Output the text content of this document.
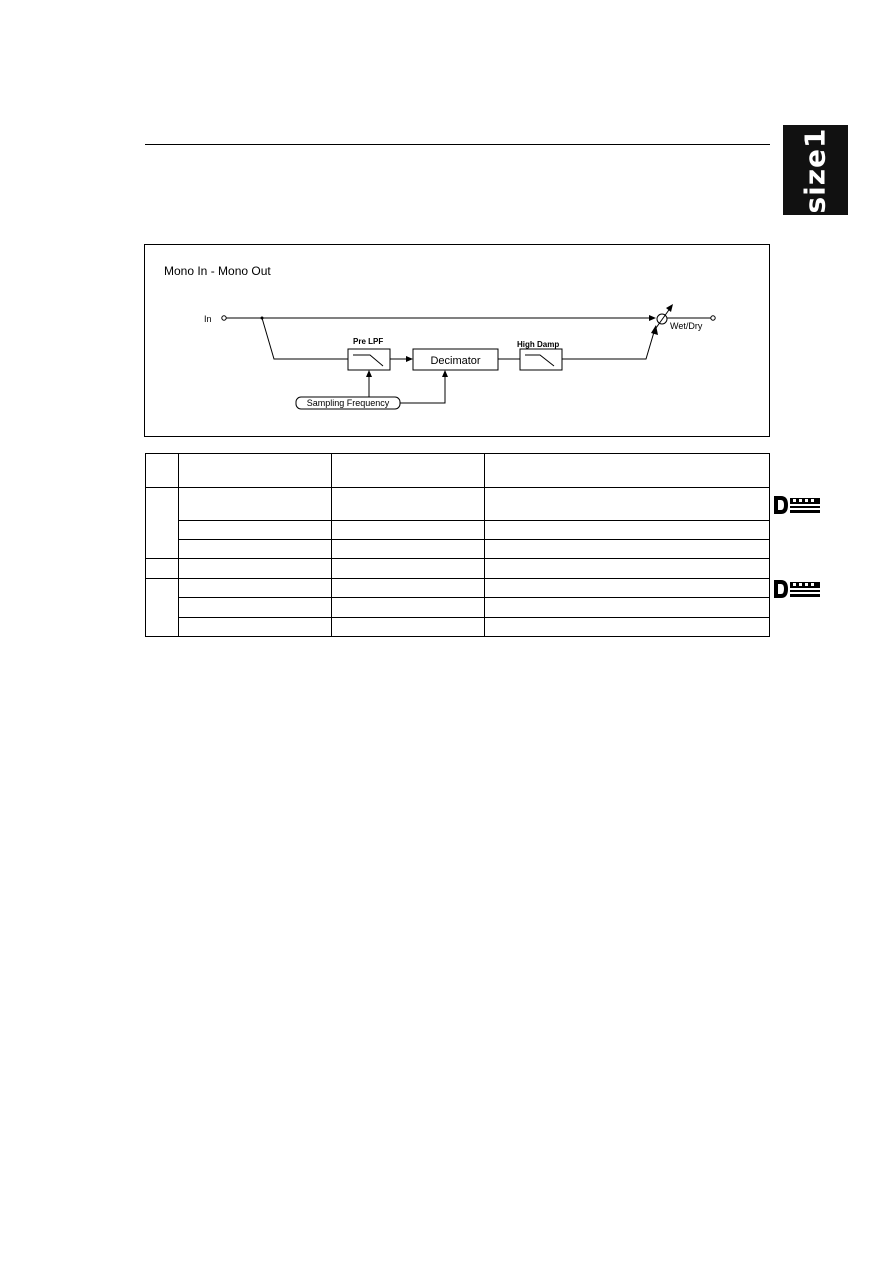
size1
Mono In - Mono Out
In
Pre LPF
Decimator
High Damp
Wet/Dry
Sampling Frequency
